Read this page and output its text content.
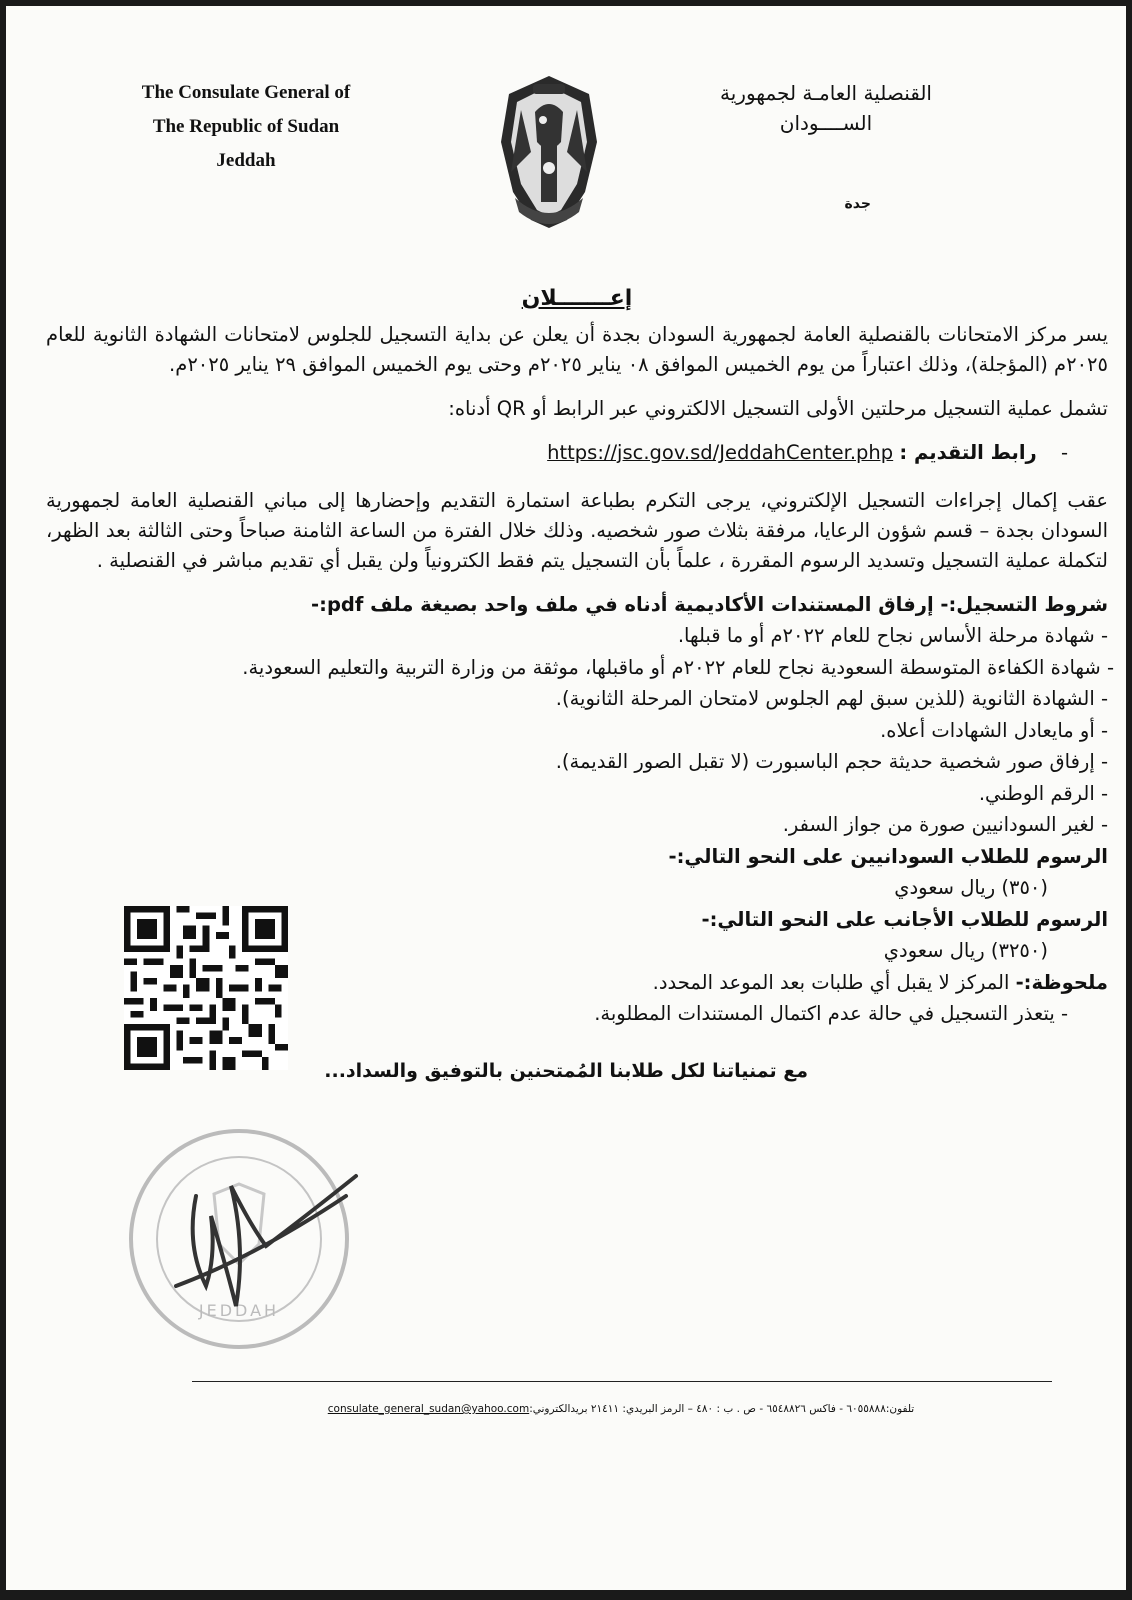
The Consulate General of
The Republic of Sudan
Jeddah
القنصلية العامـة لجمهورية
الســــودان
جدة
إعـــــــلان

يسر مركز الامتحانات بالقنصلية العامة لجمهورية السودان بجدة أن يعلن عن بداية التسجيل للجلوس لامتحانات الشهادة الثانوية للعام ٢٠٢٥م (المؤجلة)، وذلك اعتباراً من يوم الخميس الموافق ٠٨ يناير ٢٠٢٥م وحتى يوم الخميس الموافق ٢٩ يناير ٢٠٢٥م.

تشمل عملية التسجيل مرحلتين الأولى التسجيل الالكتروني عبر الرابط أو QR أدناه:

- رابط التقديم : https://jsc.gov.sd/JeddahCenter.php

عقب إكمال إجراءات التسجيل الإلكتروني، يرجى التكرم بطباعة استمارة التقديم وإحضارها إلى مباني القنصلية العامة لجمهورية السودان بجدة – قسم شؤون الرعايا، مرفقة بثلاث صور شخصيه. وذلك خلال الفترة من الساعة الثامنة صباحاً وحتى الثالثة بعد الظهر، لتكملة عملية التسجيل وتسديد الرسوم المقررة ، علماً بأن التسجيل يتم فقط الكترونياً ولن يقبل أي تقديم مباشر في القنصلية .

شروط التسجيل:- إرفاق المستندات الأكاديمية أدناه في ملف واحد بصيغة ملف pdf:-

- شهادة مرحلة الأساس نجاح للعام ٢٠٢٢م أو ما قبلها.

- شهادة الكفاءة المتوسطة السعودية نجاح للعام ٢٠٢٢م أو ماقبلها، موثقة من وزارة التربية والتعليم السعودية.

- الشهادة الثانوية (للذين سبق لهم الجلوس لامتحان المرحلة الثانوية).

- أو مايعادل الشهادات أعلاه.

- إرفاق صور شخصية حديثة حجم الباسبورت (لا تقبل الصور القديمة).

- الرقم الوطني.

- لغير السودانيين صورة من جواز السفر.

الرسوم للطلاب السودانيين على النحو التالي:-

(٣٥٠) ريال سعودي

الرسوم للطلاب الأجانب على النحو التالي:-

(٣٢٥٠) ريال سعودي

ملحوظة:- المركز لا يقبل أي طلبات بعد الموعد المحدد.

- يتعذر التسجيل في حالة عدم اكتمال المستندات المطلوبة.

مع تمنياتنا لكل طلابنا المُمتحنين بالتوفيق والسداد...

JEDDAH
تلفون:٦٠٥٥٨٨٨ - فاكس ٦٥٤٨٨٢٦ - ص . ب : ٤٨٠ – الرمز البريدي: ٢١٤١١ بريدالكتروني:consulate_general_sudan@yahoo.com
